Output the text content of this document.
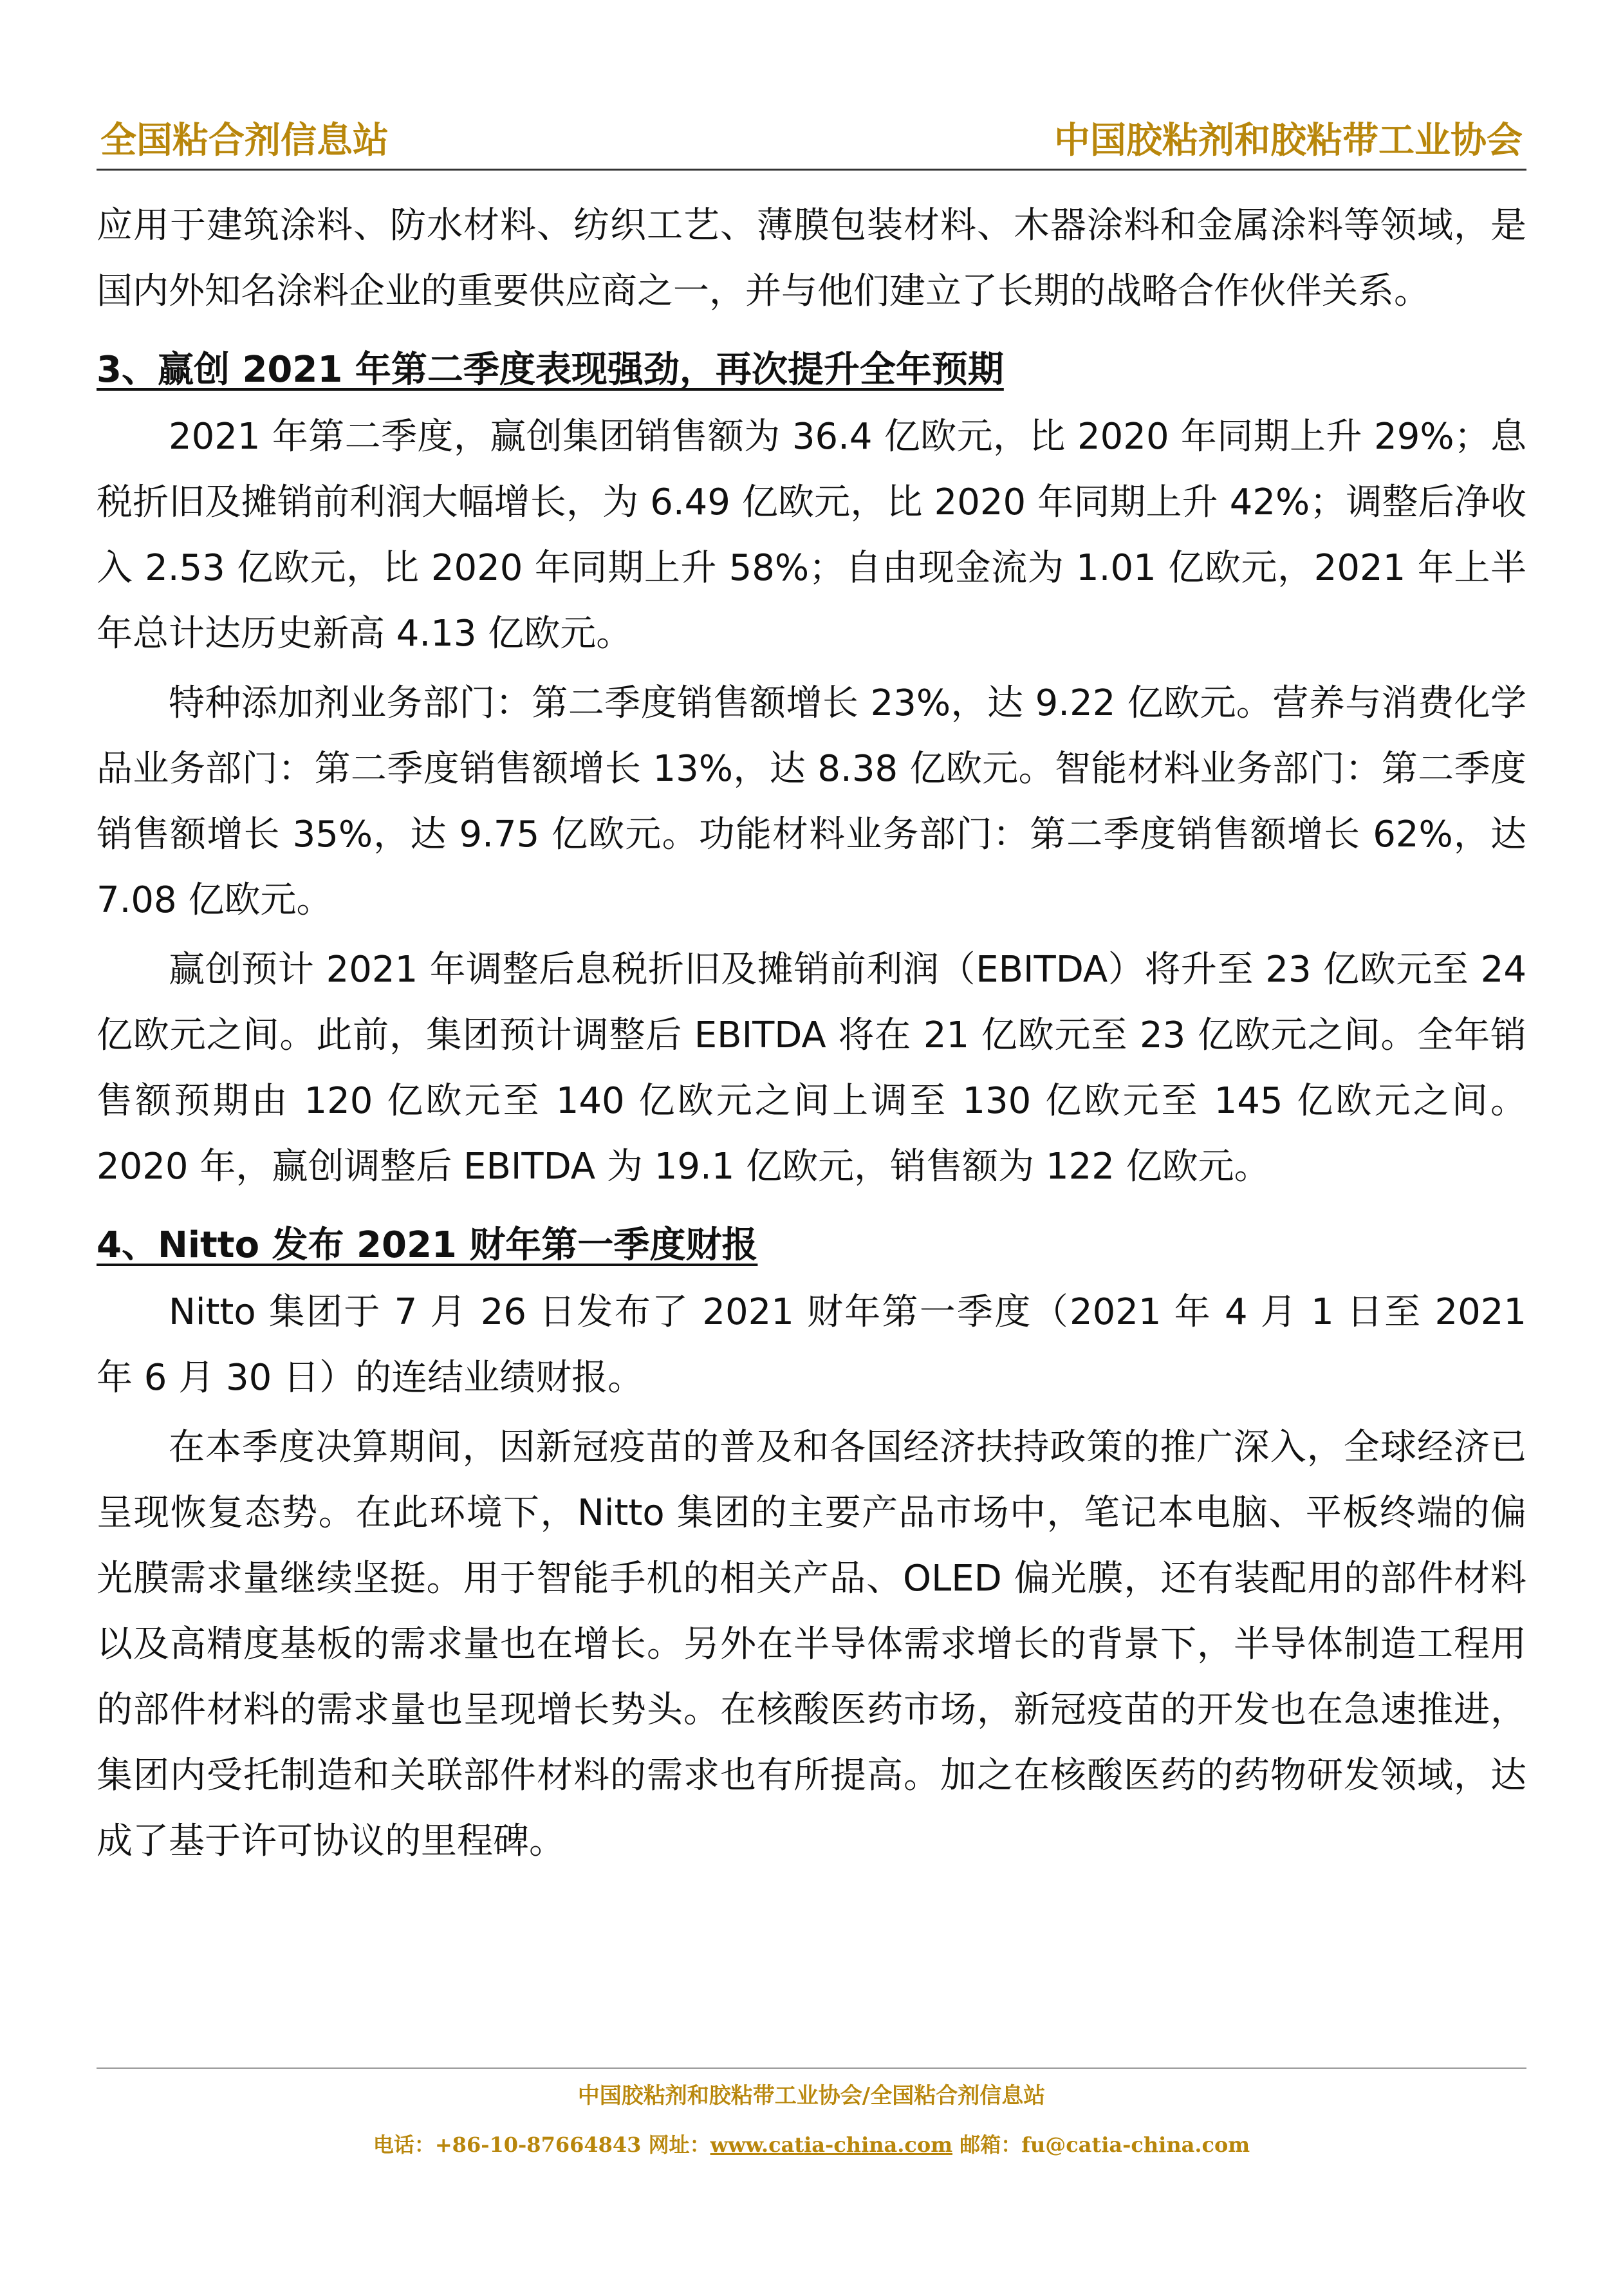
全国粘合剂信息站	中国胶粘剂和胶粘带工业协会

应用于建筑涂料、防水材料、纺织工艺、薄膜包装材料、木器涂料和金属涂料等领域，是国内外知名涂料企业的重要供应商之一，并与他们建立了长期的战略合作伙伴关系。

3、赢创 2021 年第二季度表现强劲，再次提升全年预期

2021 年第二季度，赢创集团销售额为 36.4 亿欧元，比 2020 年同期上升 29%；息税折旧及摊销前利润大幅增长，为 6.49 亿欧元，比 2020 年同期上升 42%；调整后净收入 2.53 亿欧元，比 2020 年同期上升 58%；自由现金流为 1.01 亿欧元，2021 年上半年总计达历史新高 4.13 亿欧元。

特种添加剂业务部门：第二季度销售额增长 23%，达 9.22 亿欧元。营养与消费化学品业务部门：第二季度销售额增长 13%，达 8.38 亿欧元。智能材料业务部门：第二季度销售额增长 35%，达 9.75 亿欧元。功能材料业务部门：第二季度销售额增长 62%，达 7.08 亿欧元。

赢创预计 2021 年调整后息税折旧及摊销前利润（EBITDA）将升至 23 亿欧元至 24 亿欧元之间。此前，集团预计调整后 EBITDA 将在 21 亿欧元至 23 亿欧元之间。全年销售额预期由 120 亿欧元至 140 亿欧元之间上调至 130 亿欧元至 145 亿欧元之间。2020 年，赢创调整后 EBITDA 为 19.1 亿欧元，销售额为 122 亿欧元。

4、Nitto 发布 2021 财年第一季度财报

Nitto 集团于 7 月 26 日发布了 2021 财年第一季度（2021 年 4 月 1 日至 2021 年 6 月 30 日）的连结业绩财报。

在本季度决算期间，因新冠疫苗的普及和各国经济扶持政策的推广深入，全球经济已呈现恢复态势。在此环境下，Nitto 集团的主要产品市场中，笔记本电脑、平板终端的偏光膜需求量继续坚挺。用于智能手机的相关产品、OLED 偏光膜，还有装配用的部件材料以及高精度基板的需求量也在增长。另外在半导体需求增长的背景下，半导体制造工程用的部件材料的需求量也呈现增长势头。在核酸医药市场，新冠疫苗的开发也在急速推进，集团内受托制造和关联部件材料的需求也有所提高。加之在核酸医药的药物研发领域，达成了基于许可协议的里程碑。

中国胶粘剂和胶粘带工业协会/全国粘合剂信息站
电话：+86-10-87664843 网址：www.catia-china.com 邮箱：fu@catia-china.com
